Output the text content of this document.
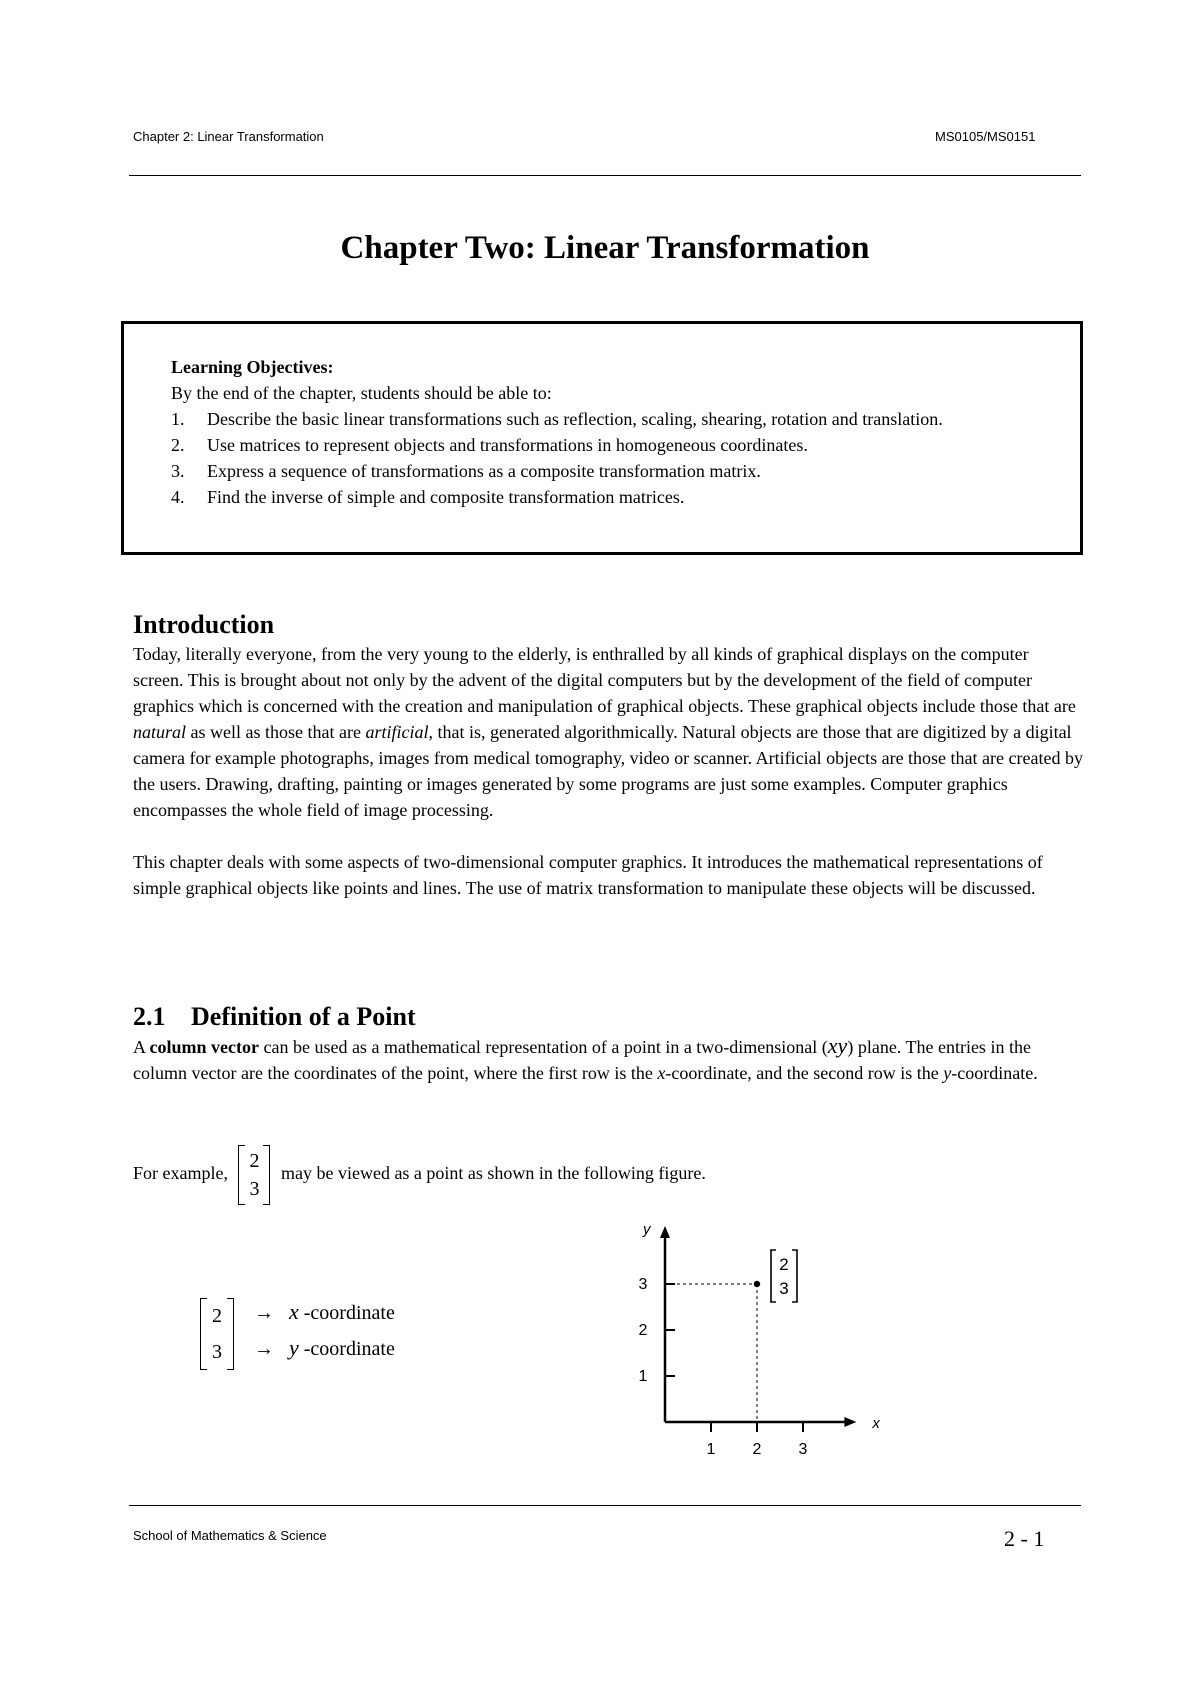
Chapter 2: Linear Transformation	MS0105/MS0151
Chapter Two: Linear Transformation
Learning Objectives:
By the end of the chapter, students should be able to:
1. Describe the basic linear transformations such as reflection, scaling, shearing, rotation and translation.
2. Use matrices to represent objects and transformations in homogeneous coordinates.
3. Express a sequence of transformations as a composite transformation matrix.
4. Find the inverse of simple and composite transformation matrices.
Introduction

Today, literally everyone, from the very young to the elderly, is enthralled by all kinds of graphical displays on the computer screen. This is brought about not only by the advent of the digital computers but by the development of the field of computer graphics which is concerned with the creation and manipulation of graphical objects. These graphical objects include those that are natural as well as those that are artificial, that is, generated algorithmically. Natural objects are those that are digitized by a digital camera for example photographs, images from medical tomography, video or scanner. Artificial objects are those that are created by the users. Drawing, drafting, painting or images generated by some programs are just some examples. Computer graphics encompasses the whole field of image processing.

This chapter deals with some aspects of two-dimensional computer graphics. It introduces the mathematical representations of simple graphical objects like points and lines. The use of matrix transformation to manipulate these objects will be discussed.

2.1 Definition of a Point

A column vector can be used as a mathematical representation of a point in a two-dimensional (xy) plane. The entries in the column vector are the coordinates of the point, where the first row is the x-coordinate, and the second row is the y-coordinate.

For example,
2
3
may be viewed as a point as shown in the following figure.
2
3
→ x -coordinate
→ y -coordinate
x
y
1 2 3
1
2
3
2
3
School of Mathematics & Science	2 - 1
